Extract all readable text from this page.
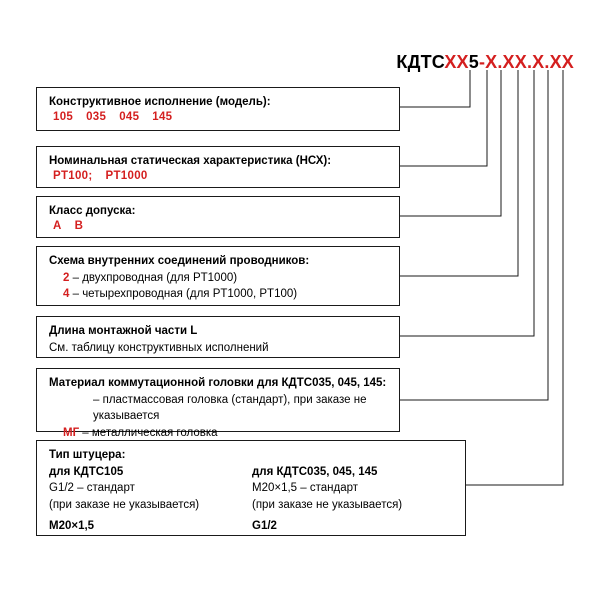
КДТСХХ5-Х.ХХ.Х.ХХ
Конструктивное исполнение (модель):
105 035 045 145
Номинальная статическая характеристика (НСХ):
PT100; PT1000
Класс допуска:
А В
Схема внутренних соединений проводников:
2 – двухпроводная (для PT1000)
4 – четырехпроводная (для PT1000, PT100)
Длина монтажной части L
См. таблицу конструктивных исполнений
Материал коммутационной головки для КДТС035, 045, 145:
– пластмассовая головка (стандарт), при заказе не указывается
МГ – металлическая головка
Тип штуцера:
для КДТС105
G1/2 – стандарт
(при заказе не указывается)
M20×1,5
для КДТС035, 045, 145
M20×1,5 – стандарт
(при заказе не указывается)
G1/2
